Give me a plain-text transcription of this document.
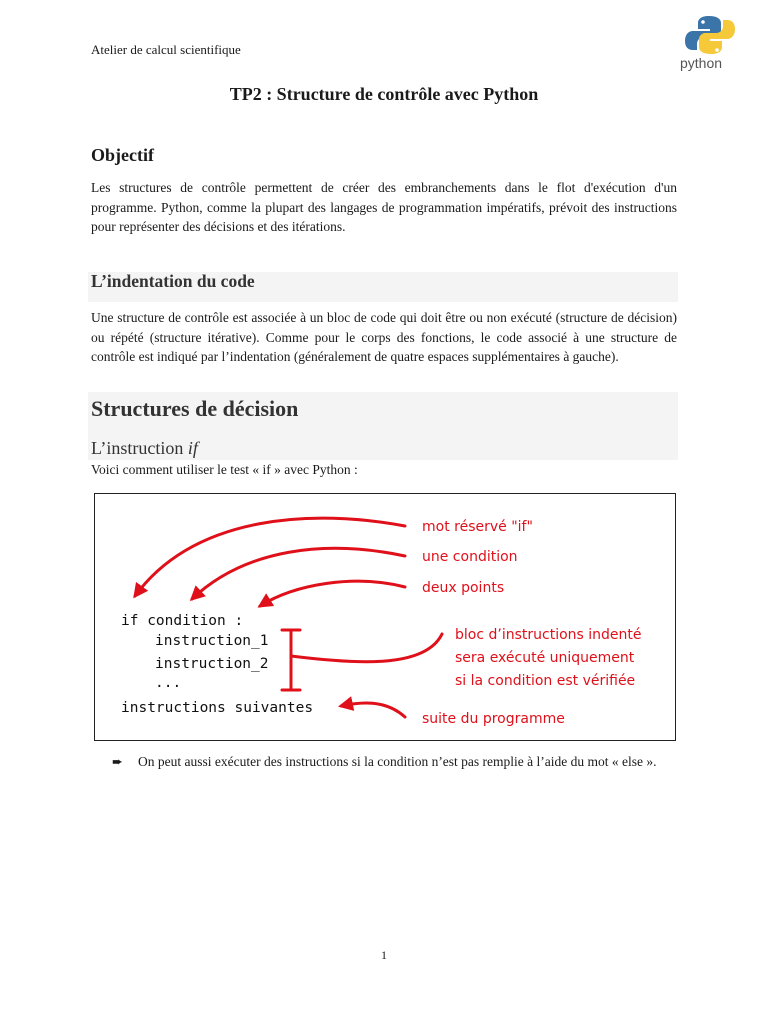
Atelier de calcul scientifique
python
TP2 : Structure de contrôle avec Python
Objectif
Les structures de contrôle permettent de créer des embranchements dans le flot d'exécution d'un programme. Python, comme la plupart des langages de programmation impératifs, prévoit des instructions pour représenter des décisions et des itérations.
L’indentation du code
Une structure de contrôle est associée à un bloc de code qui doit être ou non exécuté (structure de décision) ou répété (structure itérative). Comme pour le corps des fonctions, le code associé à une structure de contrôle est indiqué par l’indentation (généralement de quatre espaces supplémentaires à gauche).
Structures de décision
L’instruction if
Voici comment utiliser le test « if » avec Python :
if condition :
instruction_1
instruction_2
...
instructions suivantes
mot réservé "if"
une condition
deux points
bloc d’instructions indenté
sera exécuté uniquement
si la condition est vérifiée
suite du programme
➨ On peut aussi exécuter des instructions si la condition n’est pas remplie à l’aide du mot « else ».
1
